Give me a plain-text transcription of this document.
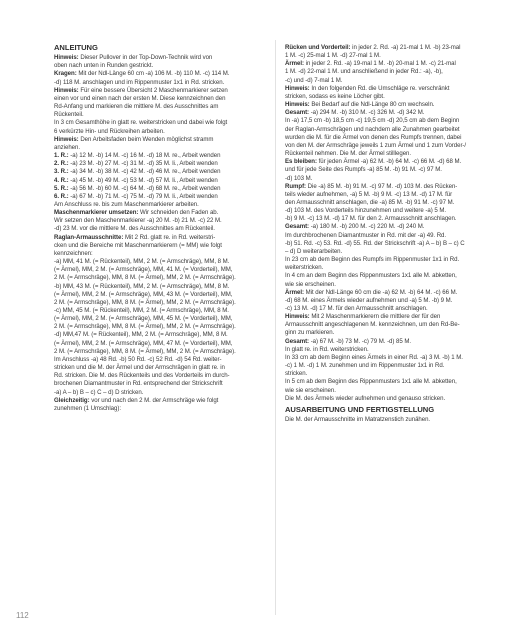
ANLEITUNG

Hinweis: Dieser Pullover in der Top-Down-Technik wird von

oben nach unten in Runden gestrickt.

Kragen: Mit der Ndl-Länge 60 cm -a) 106 M. -b) 110 M. -c) 114 M.

-d) 118 M. anschlagen und im Rippenmuster 1x1 in Rd. stricken.

Hinweis: Für eine bessere Übersicht 2 Maschenmarkierer setzen

einen vor und einen nach der ersten M. Diese kennzeichnen den

Rd-Anfang und markieren die mittlere M. des Ausschnittes am

Rückenteil.

In 3 cm Gesamthöhe in glatt re. weiterstricken und dabei wie folgt

6 verkürzte Hin- und Rückreihen arbeiten.

Hinweis: Den Arbeitsfaden beim Wenden möglichst stramm

anziehen.

1. R.: -a) 12 M. -b) 14 M. -c) 16 M. -d) 18 M. re., Arbeit wenden

2. R.: -a) 23 M. -b) 27 M. -c) 31 M. -d) 35 M. li., Arbeit wenden

3. R.: -a) 34 M. -b) 38 M. -c) 42 M. -d) 46 M. re., Arbeit wenden

4. R.: -a) 45 M. -b) 49 M. -c) 53 M. -d) 57 M. li., Arbeit wenden

5. R.: -a) 56 M. -b) 60 M. -c) 64 M. -d) 68 M. re., Arbeit wenden

6. R.: -a) 67 M. -b) 71 M. -c) 75 M. -d) 79 M. li., Arbeit wenden

Am Anschluss re. bis zum Maschenmarkierer arbeiten.

Maschenmarkierer umsetzen: Wir schneiden den Faden ab.

Wir setzen den Maschenmarkierer -a) 20 M. -b) 21 M. -c) 22 M.

-d) 23 M. vor die mittlere M. des Ausschnittes am Rückenteil.

Raglan-Armausschnitte: Mit 2 Rd. glatt re. in Rd. weiterstri-

cken und die Bereiche mit Maschenmarkierern (= MM) wie folgt

kennzeichnen:

-a) MM, 41 M. (= Rückenteil), MM, 2 M. (= Armschräge), MM, 8 M.

(= Ärmel), MM, 2 M. (= Armschräge), MM, 41 M. (= Vorderteil), MM,

2 M. (= Armschräge), MM, 8 M. (= Ärmel), MM, 2 M. (= Armschräge).

-b) MM, 43 M. (= Rückenteil), MM, 2 M. (= Armschräge), MM, 8 M.

(= Ärmel), MM, 2 M. (= Armschräge), MM, 43 M. (= Vorderteil), MM,

2 M. (= Armschräge), MM, 8 M. (= Ärmel), MM, 2 M. (= Armschräge).

-c) MM, 45 M. (= Rückenteil), MM, 2 M. (= Armschräge), MM, 8 M.

(= Ärmel), MM, 2 M. (= Armschräge), MM, 45 M. (= Vorderteil), MM,

2 M. (= Armschräge), MM, 8 M. (= Ärmel), MM, 2 M. (= Armschräge).

-d) MM,47 M. (= Rückenteil), MM, 2 M. (= Armschräge), MM, 8 M.

(= Ärmel), MM, 2 M. (= Armschräge), MM, 47 M. (= Vorderteil), MM,

2 M. (= Armschräge), MM, 8 M. (= Ärmel), MM, 2 M. (= Armschräge).

Im Anschluss -a) 48 Rd. -b) 50 Rd. -c) 52 Rd. -d) 54 Rd. weiter-

stricken und die M. der Ärmel und der Armschrägen in glatt re. in

Rd. stricken. Die M. des Rückenteils und des Vorderteils im durch-

brochenen Diamantmuster in Rd. entsprechend der Strickschrift

-a) A – b) B – c) C – d) D stricken.

Gleichzeitig: vor und nach den 2 M. der Armschräge wie folgt

zunehmen (1 Umschlag):

Rücken und Vorderteil: in jeder 2. Rd. -a) 21-mal 1 M. -b) 23-mal

1 M. -c) 25-mal 1 M. -d) 27-mal 1 M.

Ärmel: in jeder 2. Rd. -a) 19-mal 1 M. -b) 20-mal 1 M. -c) 21-mal

1 M. -d) 22-mal 1 M. und anschließend in jeder Rd.: -a), -b),

-c) und -d) 7-mal 1 M.

Hinweis: In den folgenden Rd. die Umschläge re. verschränkt

stricken, sodass es keine Löcher gibt.

Hinweis: Bei Bedarf auf die Ndl-Länge 80 cm wechseln.

Gesamt: -a) 294 M. -b) 310 M. -c) 326 M. -d) 342 M.

In -a) 17,5 cm -b) 18,5 cm -c) 19,5 cm -d) 20,5 cm ab dem Beginn

der Raglan-Armschrägen und nachdem alle Zunahmen gearbeitet

wurden die M. für die Ärmel von denen des Rumpfs trennen, dabei

von den M. der Armschräge jeweils 1 zum Ärmel und 1 zum Vorder-/

Rückenteil nehmen. Die M. der Ärmel stilllegen.

Es bleiben: für jeden Ärmel -a) 62 M. -b) 64 M. -c) 66 M. -d) 68 M.

und für jede Seite des Rumpfs -a) 85 M. -b) 91 M. -c) 97 M.

-d) 103 M.

Rumpf: Die -a) 85 M. -b) 91 M. -c) 97 M. -d) 103 M. des Rücken-

teils wieder aufnehmen, -a) 5 M. -b) 9 M. -c) 13 M. -d) 17 M. für

den Armausschnitt anschlagen, die -a) 85 M. -b) 91 M. -c) 97 M.

-d) 103 M. des Vorderteils hinzunehmen und weitere -a) 5 M.

-b) 9 M. -c) 13 M. -d) 17 M. für den 2. Armausschnitt anschlagen.

Gesamt: -a) 180 M. -b) 200 M. -c) 220 M. -d) 240 M.

Im durchbrochenen Diamantmuster in Rd. mit der -a) 49. Rd.

-b) 51. Rd. -c) 53. Rd. -d) 55. Rd. der Strickschrift -a) A – b) B – c) C

– d) D weiterarbeiten.

In 23 cm ab dem Beginn des Rumpfs im Rippenmuster 1x1 in Rd.

weiterstricken.

In 4 cm an dem Beginn des Rippenmusters 1x1 alle M. abketten,

wie sie erscheinen.

Ärmel: Mit der Ndl-Länge 60 cm die -a) 62 M. -b) 64 M. -c) 66 M.

-d) 68 M. eines Ärmels wieder aufnehmen und -a) 5 M. -b) 9 M.

-c) 13 M. -d) 17 M. für den Armausschnitt anschlagen.

Hinweis: Mit 2 Maschenmarkierern die mittlere der für den

Armausschnitt angeschlagenen M. kennzeichnen, um den Rd-Be-

ginn zu markieren.

Gesamt: -a) 67 M. -b) 73 M. -c) 79 M. -d) 85 M.

In glatt re. in Rd. weiterstricken.

In 33 cm ab dem Beginn eines Ärmels in einer Rd. -a) 3 M. -b) 1 M.

-c) 1 M. -d) 1 M. zunehmen und im Rippenmuster 1x1 in Rd.

stricken.

In 5 cm ab dem Beginn des Rippenmusters 1x1 alle M. abketten,

wie sie erscheinen.

Die M. des Ärmels wieder aufnehmen und genauso stricken.

AUSARBEITUNG UND FERTIGSTELLUNG

Die M. der Armausschnitte im Matratzenstich zunähen.

112
